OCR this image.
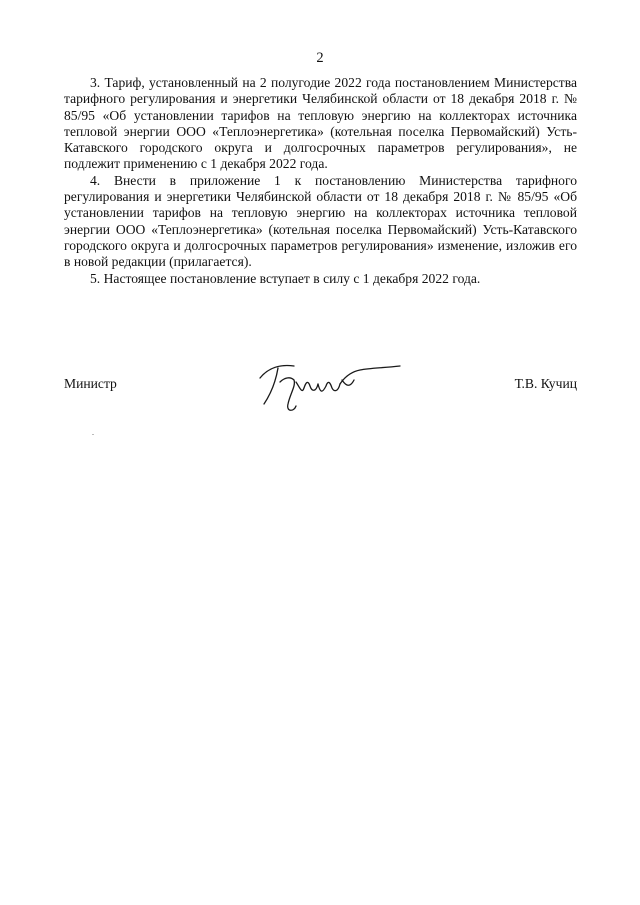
2

3. Тариф, установленный на 2 полугодие 2022 года постановлением Министерства тарифного регулирования и энергетики Челябинской области от 18 декабря 2018 г. № 85/95 «Об установлении тарифов на тепловую энергию на коллекторах источника тепловой энергии ООО «Теплоэнергетика» (котельная поселка Первомайский) Усть-Катавского городского округа и долгосрочных параметров регулирования», не подлежит применению с 1 декабря 2022 года.

4. Внести в приложение 1 к постановлению Министерства тарифного регулирования и энергетики Челябинской области от 18 декабря 2018 г. № 85/95 «Об установлении тарифов на тепловую энергию на коллекторах источника тепловой энергии ООО «Теплоэнергетика» (котельная поселка Первомайский) Усть-Катавского городского округа и долгосрочных параметров регулирования» изменение, изложив его в новой редакции (прилагается).

5. Настоящее постановление вступает в силу с 1 декабря 2022 года.

Министр	Т.В. Кучиц
